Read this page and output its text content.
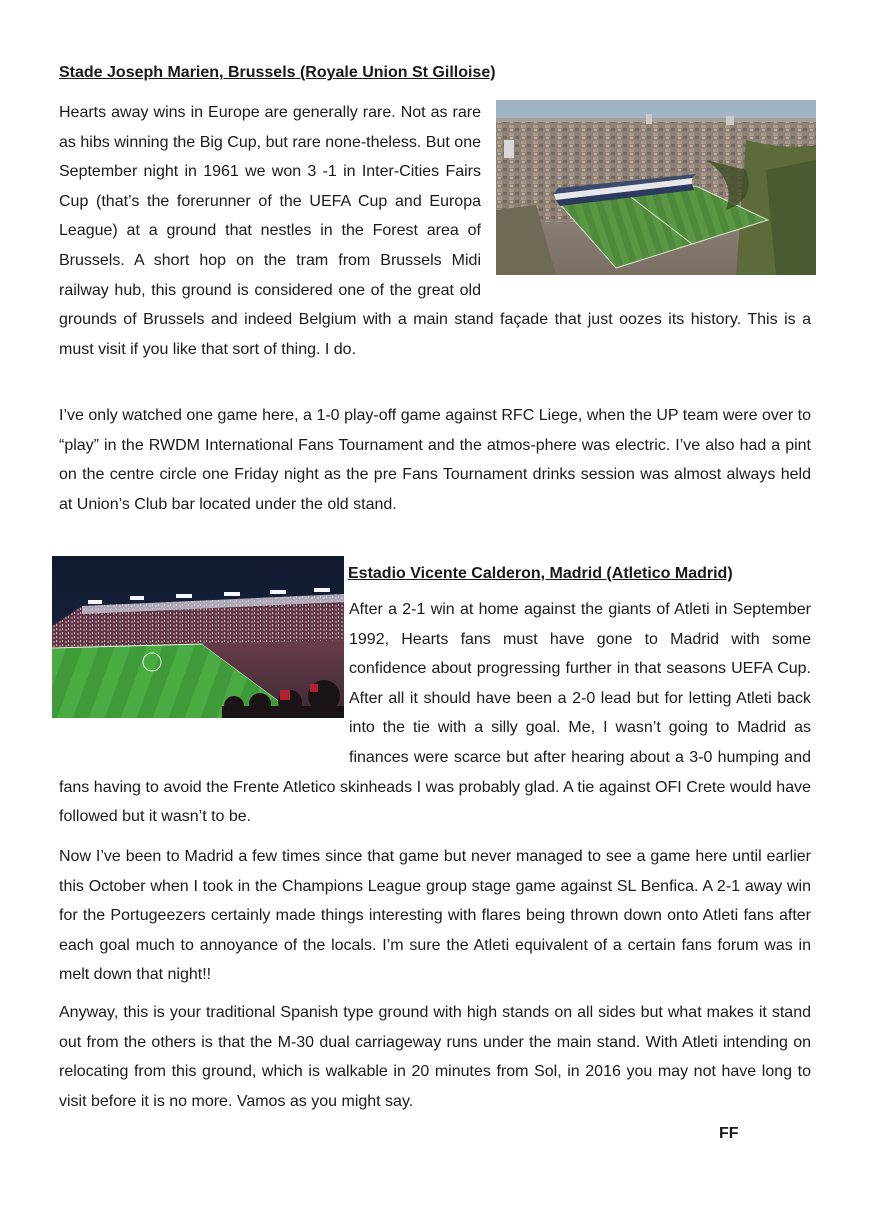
Stade Joseph Marien, Brussels (Royale Union St Gilloise)
Hearts away wins in Europe are generally rare. Not as rare as hibs winning the Big Cup, but rare none-theless. But one September night in 1961 we won 3 -1 in Inter-Cities Fairs Cup (that’s the forerunner of the UEFA Cup and Europa League) at a ground that nestles in the Forest area of Brussels. A short hop on the tram from Brussels Midi railway hub, this ground is considered one of the great old grounds of Brussels and indeed Belgium with a main stand façade that just oozes its history. This is a must visit if you like that sort of thing. I do.
I’ve only watched one game here, a 1-0 play-off game against RFC Liege, when the UP team were over to “play” in the RWDM International Fans Tournament and the atmos-phere was electric. I’ve also had a pint on the centre circle one Friday night as the pre Fans Tournament drinks session was almost always held at Union’s Club bar located under the old stand.
Estadio Vicente Calderon, Madrid (Atletico Madrid)
After a 2-1 win at home against the giants of Atleti in September 1992, Hearts fans must have gone to Madrid with some confidence about progressing further in that seasons UEFA Cup. After all it should have been a 2-0 lead but for letting Atleti back into the tie with a silly goal. Me, I wasn’t going to Madrid as finances were scarce but after hearing about a 3-0 humping and fans having to avoid the Frente Atletico skinheads I was probably glad. A tie against OFI Crete would have followed but it wasn’t to be.
Now I’ve been to Madrid a few times since that game but never managed to see a game here until earlier this October when I took in the Champions League group stage game against SL Benfica. A 2-1 away win for the Portugeezers certainly made things interesting with flares being thrown down onto Atleti fans after each goal much to annoyance of the locals. I’m sure the Atleti equivalent of a certain fans forum was in melt down that night!!
Anyway, this is your traditional Spanish type ground with high stands on all sides but what makes it stand out from the others is that the M-30 dual carriageway runs under the main stand. With Atleti intending on relocating from this ground, which is walkable in 20 minutes from Sol, in 2016 you may not have long to visit before it is no more. Vamos as you might say.
FF
